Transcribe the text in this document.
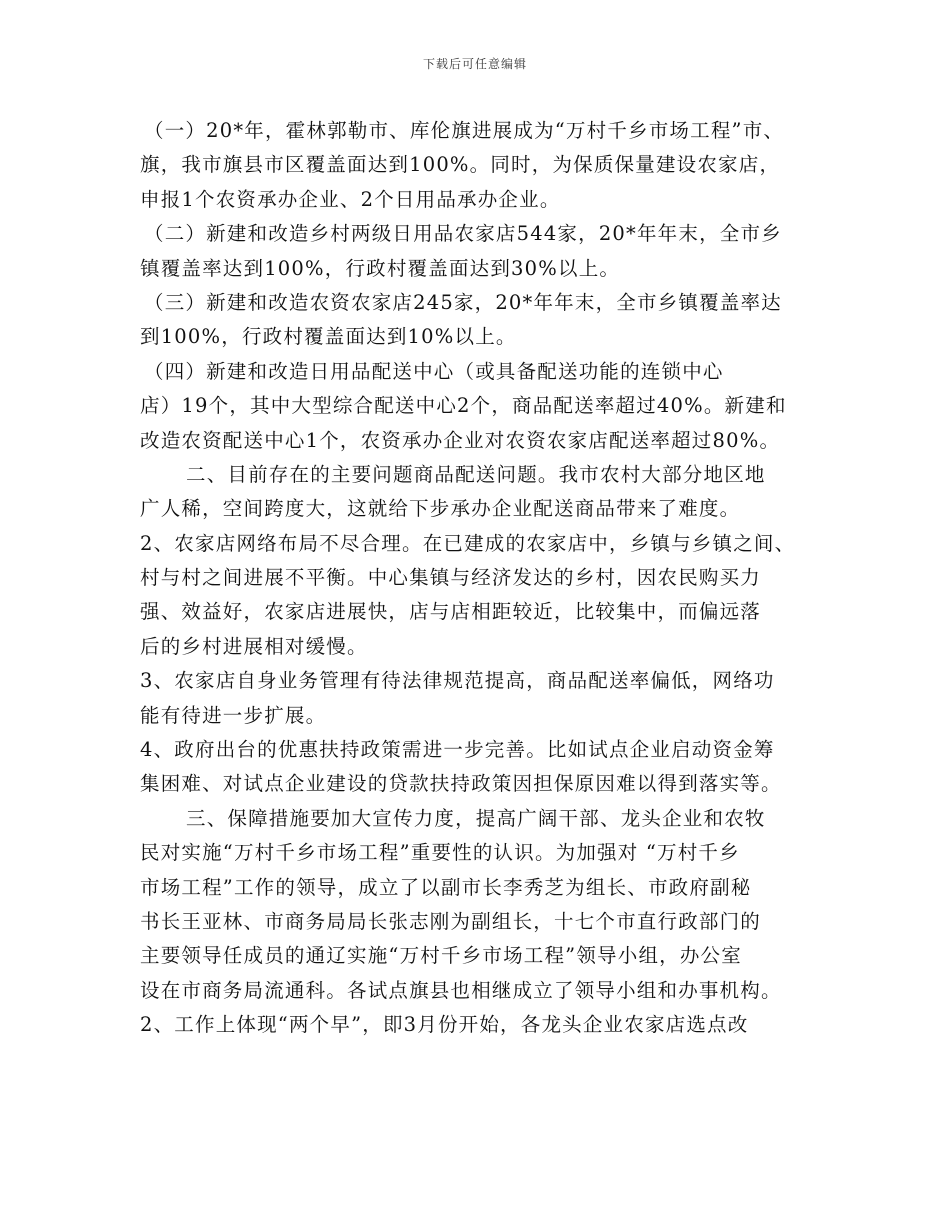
下载后可任意编辑
（一）20*年，霍林郭勒市、库伦旗进展成为“万村千乡市场工程”市、
旗，我市旗县市区覆盖面达到100%。同时，为保质保量建设农家店，
申报1个农资承办企业、2个日用品承办企业。
（二）新建和改造乡村两级日用品农家店544家，20*年年末，全市乡
镇覆盖率达到100%，行政村覆盖面达到30%以上。
（三）新建和改造农资农家店245家，20*年年末，全市乡镇覆盖率达
到100%，行政村覆盖面达到10%以上。
（四）新建和改造日用品配送中心（或具备配送功能的连锁中心
店）19个，其中大型综合配送中心2个，商品配送率超过40%。新建和
改造农资配送中心1个，农资承办企业对农资农家店配送率超过80%。
二、目前存在的主要问题商品配送问题。我市农村大部分地区地
广人稀，空间跨度大，这就给下步承办企业配送商品带来了难度。
2、农家店网络布局不尽合理。在已建成的农家店中，乡镇与乡镇之间、
村与村之间进展不平衡。中心集镇与经济发达的乡村，因农民购买力
强、效益好，农家店进展快，店与店相距较近，比较集中，而偏远落
后的乡村进展相对缓慢。
3、农家店自身业务管理有待法律规范提高，商品配送率偏低，网络功
能有待进一步扩展。
4、政府出台的优惠扶持政策需进一步完善。比如试点企业启动资金筹
集困难、对试点企业建设的贷款扶持政策因担保原因难以得到落实等。
三、保障措施要加大宣传力度，提高广阔干部、龙头企业和农牧
民对实施“万村千乡市场工程”重要性的认识。为加强对 “万村千乡
市场工程”工作的领导，成立了以副市长李秀芝为组长、市政府副秘
书长王亚林、市商务局局长张志刚为副组长，十七个市直行政部门的
主要领导任成员的通辽实施“万村千乡市场工程”领导小组，办公室
设在市商务局流通科。各试点旗县也相继成立了领导小组和办事机构。
2、工作上体现“两个早”，即3月份开始，各龙头企业农家店选点改
